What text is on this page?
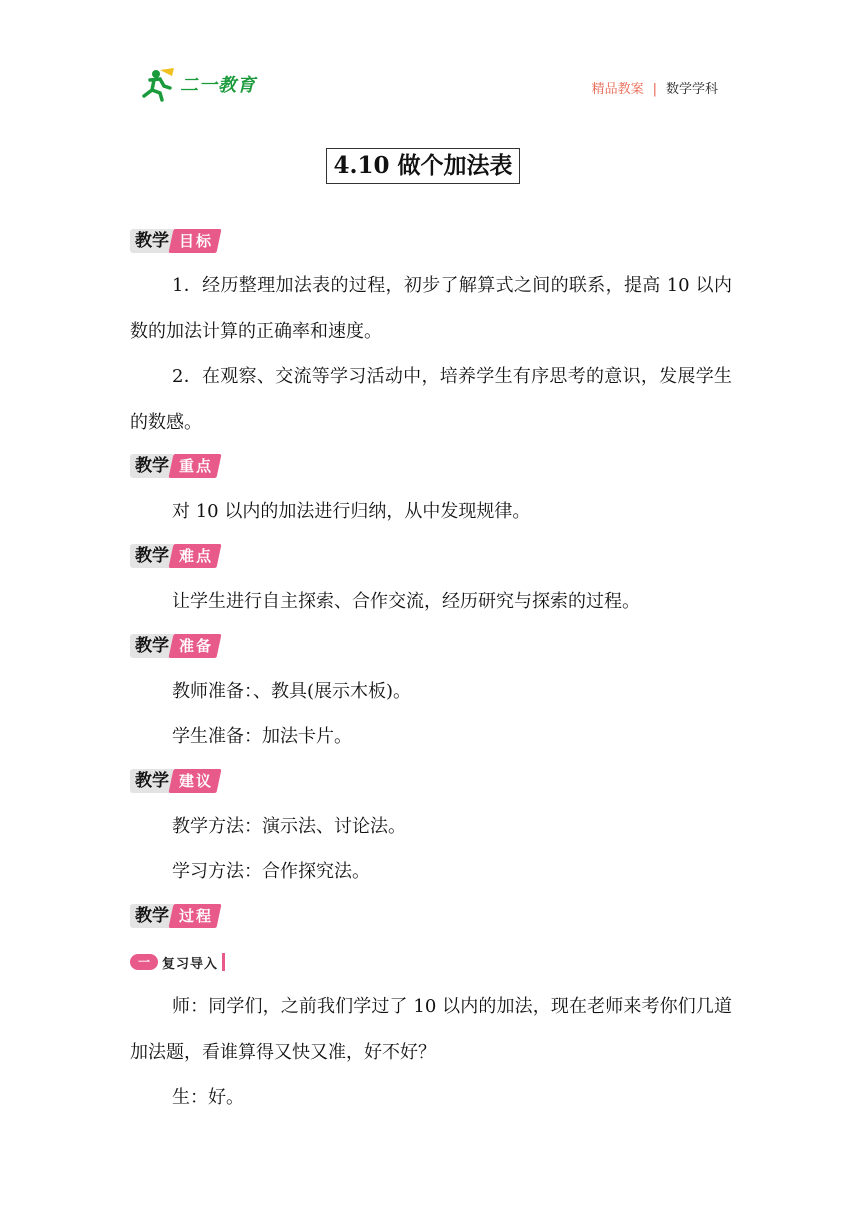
二一教育	精品教案 | 数学学科
4.10 做个加法表
教学 目标
1．经历整理加法表的过程，初步了解算式之间的联系，提高 10 以内数的加法计算的正确率和速度。
2．在观察、交流等学习活动中，培养学生有序思考的意识，发展学生的数感。
教学 重点
对 10 以内的加法进行归纳，从中发现规律。
教学 难点
让学生进行自主探索、合作交流，经历研究与探索的过程。
教学 准备
教师准备：、教具(展示木板)。
学生准备：加法卡片。
教学 建议
教学方法：演示法、讨论法。
学习方法：合作探究法。
教学 过程
一 复习导入
师：同学们，之前我们学过了 10 以内的加法，现在老师来考你们几道加法题，看谁算得又快又准，好不好？
生：好。
